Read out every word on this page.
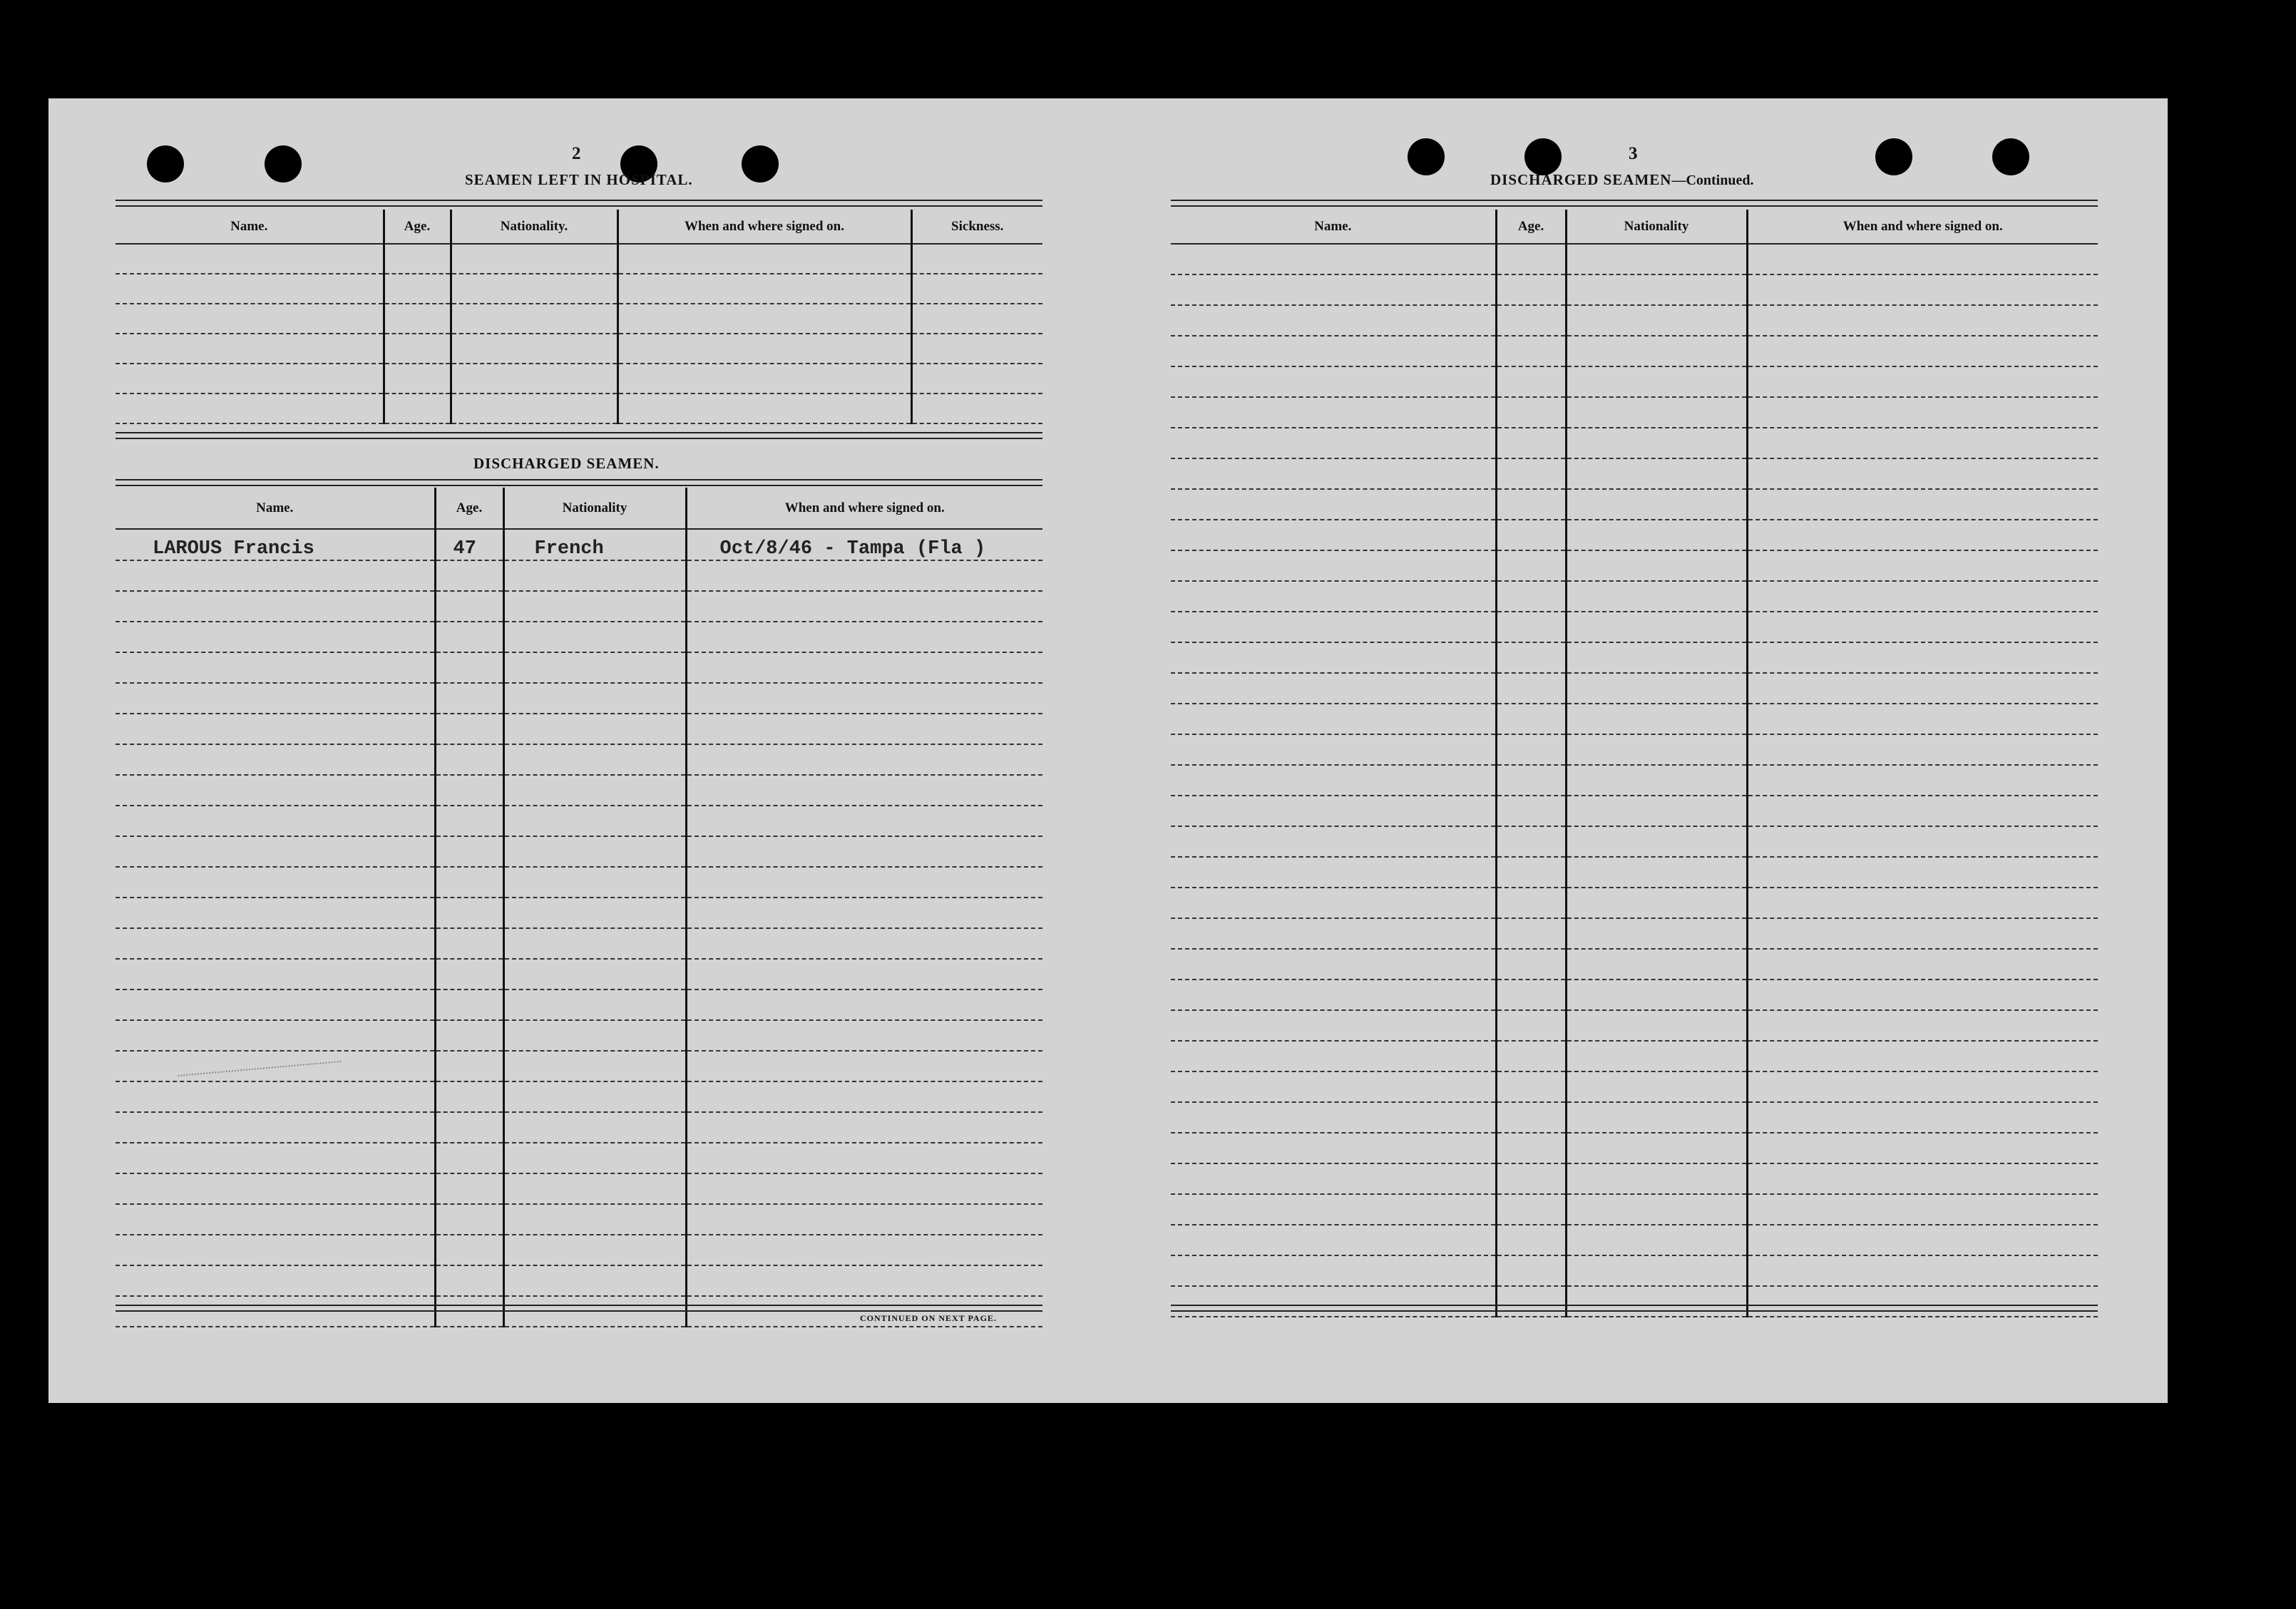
2
SEAMEN LEFT IN HOSPITAL.
Name.	Age.	Nationality.	When and where signed on.	Sickness.

DISCHARGED SEAMEN.
Name.	Age.	Nationality	When and where signed on.
LAROUS Francis	47	French	Oct/8/46 - Tampa (Fla )

CONTINUED ON NEXT PAGE.
3
DISCHARGED SEAMEN—Continued.
Name.	Age.	Nationality	When and where signed on.
